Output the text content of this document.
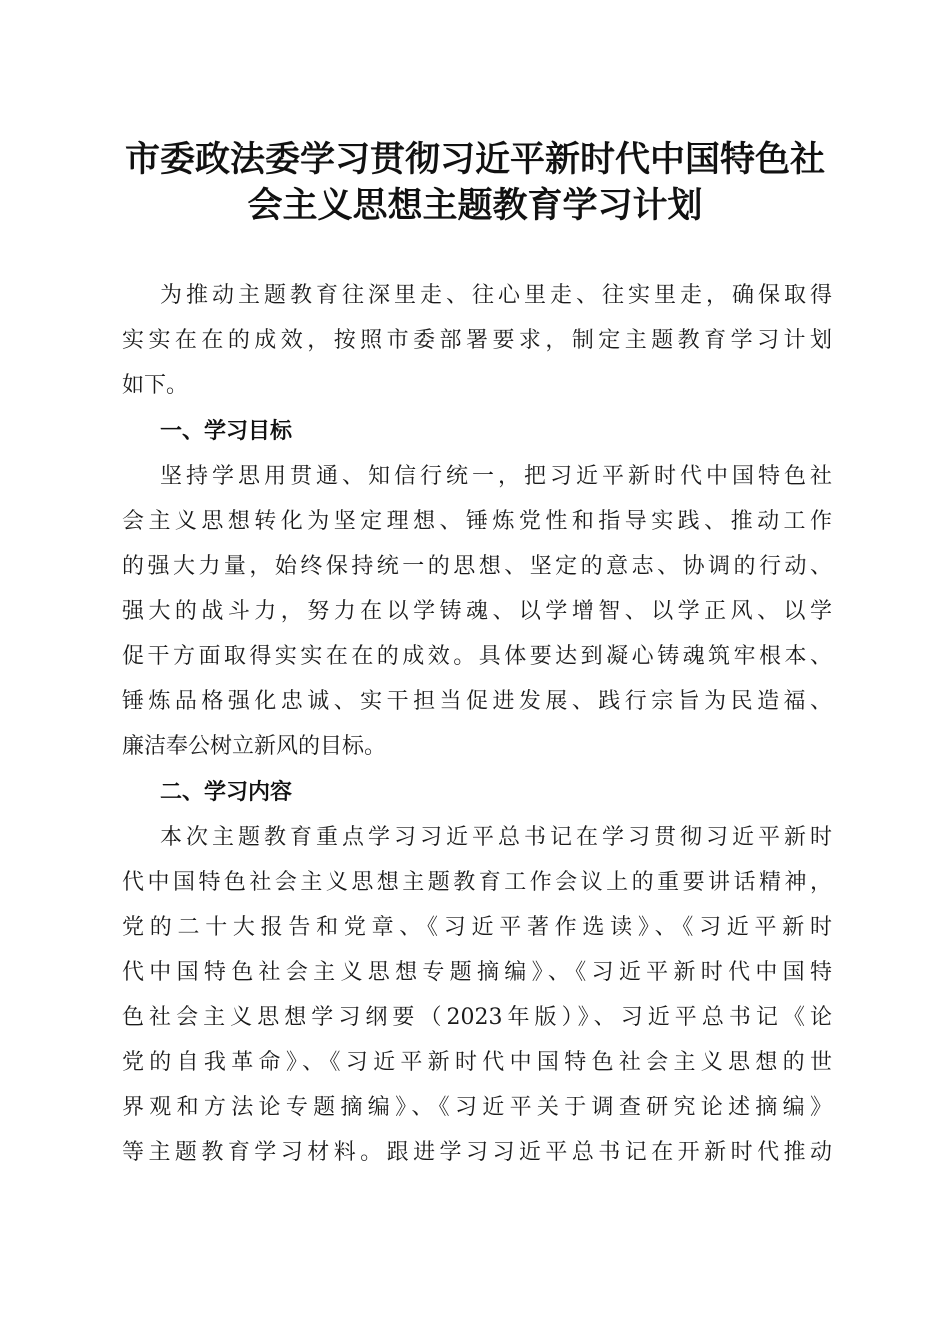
市委政法委学习贯彻习近平新时代中国特色社
会主义思想主题教育学习计划
为推动主题教育往深里走、往心里走、往实里走，确保取得
实实在在的成效，按照市委部署要求，制定主题教育学习计划
如下。
一、学习目标
坚持学思用贯通、知信行统一，把习近平新时代中国特色社
会主义思想转化为坚定理想、锤炼党性和指导实践、推动工作
的强大力量，始终保持统一的思想、坚定的意志、协调的行动、
强大的战斗力，努力在以学铸魂、以学增智、以学正风、以学
促干方面取得实实在在的成效。具体要达到凝心铸魂筑牢根本、
锤炼品格强化忠诚、实干担当促进发展、践行宗旨为民造福、
廉洁奉公树立新风的目标。
二、学习内容
本次主题教育重点学习习近平总书记在学习贯彻习近平新时
代中国特色社会主义思想主题教育工作会议上的重要讲话精神，
党的二十大报告和党章、《习近平著作选读》、《习近平新时
代中国特色社会主义思想专题摘编》、《习近平新时代中国特
色社会主义思想学习纲要（2023年版）》、习近平总书记《论
党的自我革命》、《习近平新时代中国特色社会主义思想的世
界观和方法论专题摘编》、《习近平关于调查研究论述摘编》
等主题教育学习材料。跟进学习习近平总书记在开新时代推动
